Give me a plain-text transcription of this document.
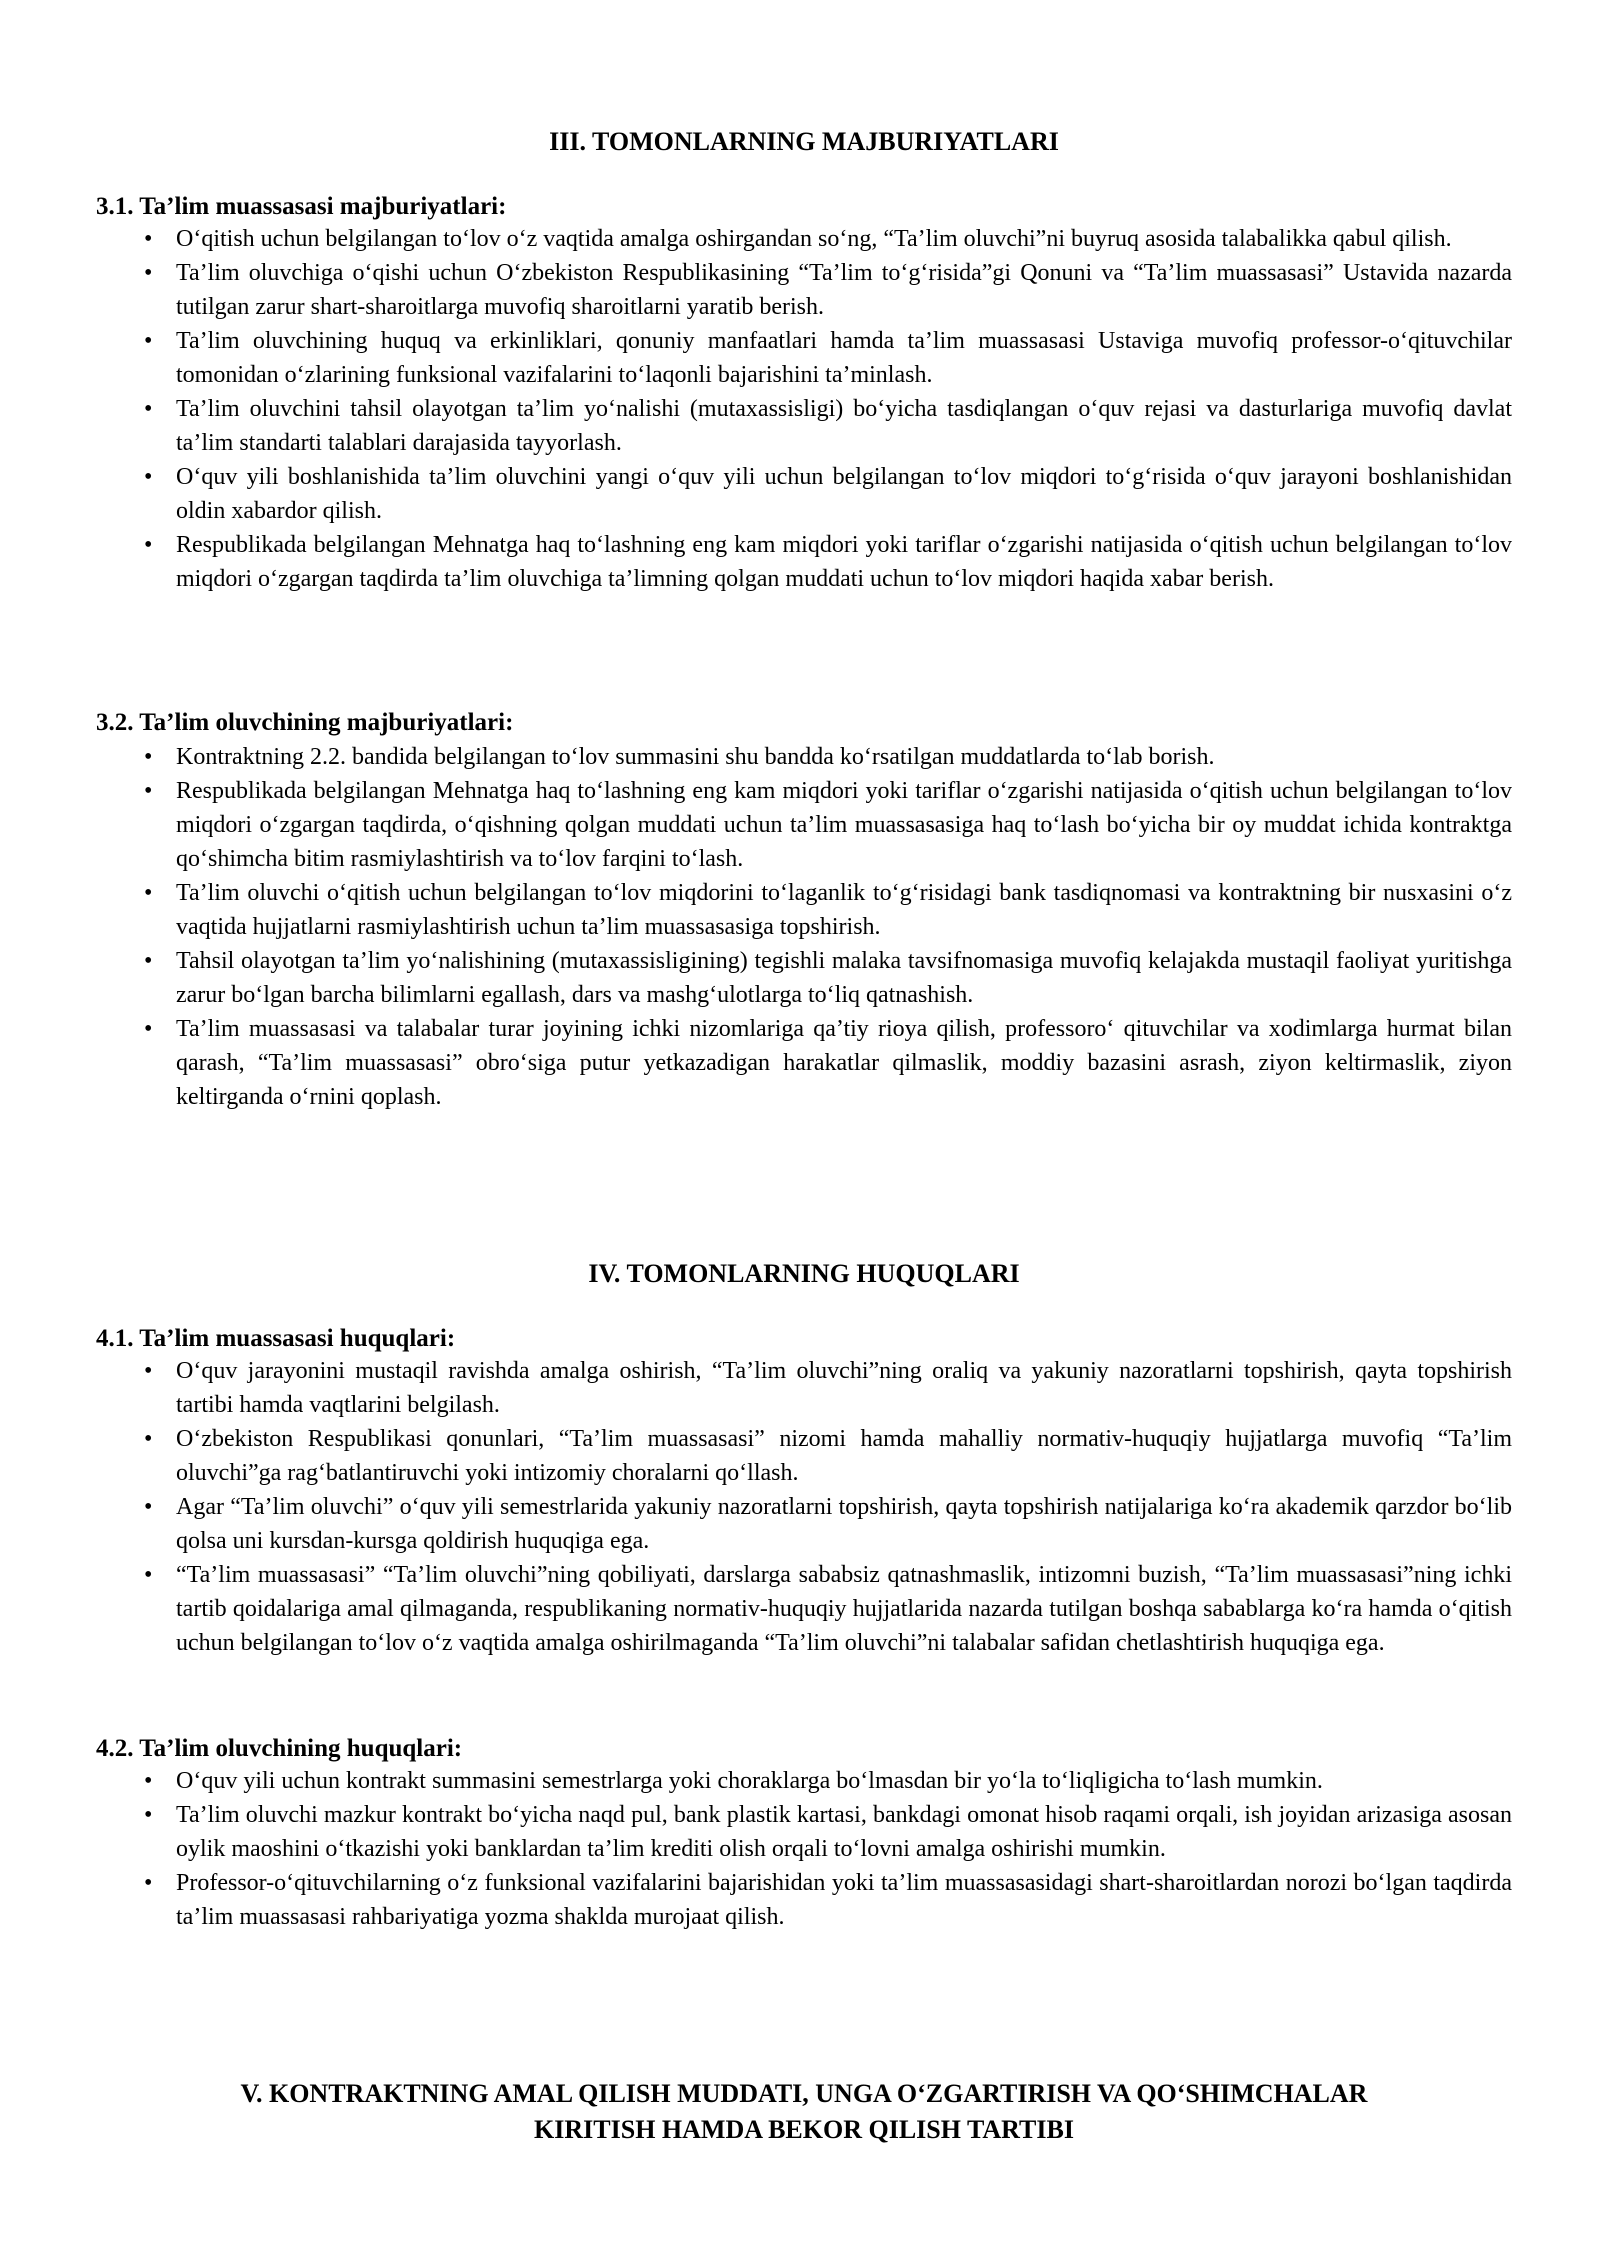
III. TOMONLARNING MAJBURIYATLARI
3.1. Ta’lim muassasasi majburiyatlari:
• O‘qitish uchun belgilangan to‘lov o‘z vaqtida amalga oshirgandan so‘ng, “Ta’lim oluvchi”ni buyruq asosida talabalikka qabul qilish.
• Ta’lim oluvchiga o‘qishi uchun O‘zbekiston Respublikasining “Ta’lim to‘g‘risida”gi Qonuni va “Ta’lim muassasasi” Ustavida nazarda tutilgan zarur shart-sharoitlarga muvofiq sharoitlarni yaratib berish.
• Ta’lim oluvchining huquq va erkinliklari, qonuniy manfaatlari hamda ta’lim muassasasi Ustaviga muvofiq professor-o‘qituvchilar tomonidan o‘zlarining funksional vazifalarini to‘laqonli bajarishini ta’minlash.
• Ta’lim oluvchini tahsil olayotgan ta’lim yo‘nalishi (mutaxassisligi) bo‘yicha tasdiqlangan o‘quv rejasi va dasturlariga muvofiq davlat ta’lim standarti talablari darajasida tayyorlash.
• O‘quv yili boshlanishida ta’lim oluvchini yangi o‘quv yili uchun belgilangan to‘lov miqdori to‘g‘risida o‘quv jarayoni boshlanishidan oldin xabardor qilish.
• Respublikada belgilangan Mehnatga haq to‘lashning eng kam miqdori yoki tariflar o‘zgarishi natijasida o‘qitish uchun belgilangan to‘lov miqdori o‘zgargan taqdirda ta’lim oluvchiga ta’limning qolgan muddati uchun to‘lov miqdori haqida xabar berish.
3.2. Ta’lim oluvchining majburiyatlari:
• Kontraktning 2.2. bandida belgilangan to‘lov summasini shu bandda ko‘rsatilgan muddatlarda to‘lab borish.
• Respublikada belgilangan Mehnatga haq to‘lashning eng kam miqdori yoki tariflar o‘zgarishi natijasida o‘qitish uchun belgilangan to‘lov miqdori o‘zgargan taqdirda, o‘qishning qolgan muddati uchun ta’lim muassasasiga haq to‘lash bo‘yicha bir oy muddat ichida kontraktga qo‘shimcha bitim rasmiylashtirish va to‘lov farqini to‘lash.
• Ta’lim oluvchi o‘qitish uchun belgilangan to‘lov miqdorini to‘laganlik to‘g‘risidagi bank tasdiqnomasi va kontraktning bir nusxasini o‘z vaqtida hujjatlarni rasmiylashtirish uchun ta’lim muassasasiga topshirish.
• Tahsil olayotgan ta’lim yo‘nalishining (mutaxassisligining) tegishli malaka tavsifnomasiga muvofiq kelajakda mustaqil faoliyat yuritishga zarur bo‘lgan barcha bilimlarni egallash, dars va mashg‘ulotlarga to‘liq qatnashish.
• Ta’lim muassasasi va talabalar turar joyining ichki nizomlariga qa’tiy rioya qilish, professoro‘ qituvchilar va xodimlarga hurmat bilan qarash, “Ta’lim muassasasi” obro‘siga putur yetkazadigan harakatlar qilmaslik, moddiy bazasini asrash, ziyon keltirmaslik, ziyon keltirganda o‘rnini qoplash.
IV. TOMONLARNING HUQUQLARI
4.1. Ta’lim muassasasi huquqlari:
• O‘quv jarayonini mustaqil ravishda amalga oshirish, “Ta’lim oluvchi”ning oraliq va yakuniy nazoratlarni topshirish, qayta topshirish tartibi hamda vaqtlarini belgilash.
• O‘zbekiston Respublikasi qonunlari, “Ta’lim muassasasi” nizomi hamda mahalliy normativ-huquqiy hujjatlarga muvofiq “Ta’lim oluvchi”ga rag‘batlantiruvchi yoki intizomiy choralarni qo‘llash.
• Agar “Ta’lim oluvchi” o‘quv yili semestrlarida yakuniy nazoratlarni topshirish, qayta topshirish natijalariga ko‘ra akademik qarzdor bo‘lib qolsa uni kursdan-kursga qoldirish huquqiga ega.
• “Ta’lim muassasasi” “Ta’lim oluvchi”ning qobiliyati, darslarga sababsiz qatnashmaslik, intizomni buzish, “Ta’lim muassasasi”ning ichki tartib qoidalariga amal qilmaganda, respublikaning normativ-huquqiy hujjatlarida nazarda tutilgan boshqa sabablarga ko‘ra hamda o‘qitish uchun belgilangan to‘lov o‘z vaqtida amalga oshirilmaganda “Ta’lim oluvchi”ni talabalar safidan chetlashtirish huquqiga ega.
4.2. Ta’lim oluvchining huquqlari:
• O‘quv yili uchun kontrakt summasini semestrlarga yoki choraklarga bo‘lmasdan bir yo‘la to‘liqligicha to‘lash mumkin.
• Ta’lim oluvchi mazkur kontrakt bo‘yicha naqd pul, bank plastik kartasi, bankdagi omonat hisob raqami orqali, ish joyidan arizasiga asosan oylik maoshini o‘tkazishi yoki banklardan ta’lim krediti olish orqali to‘lovni amalga oshirishi mumkin.
• Professor-o‘qituvchilarning o‘z funksional vazifalarini bajarishidan yoki ta’lim muassasasidagi shart-sharoitlardan norozi bo‘lgan taqdirda ta’lim muassasasi rahbariyatiga yozma shaklda murojaat qilish.
V. KONTRAKTNING AMAL QILISH MUDDATI, UNGA O‘ZGARTIRISH VA QO‘SHIMCHALAR
KIRITISH HAMDA BEKOR QILISH TARTIBI
